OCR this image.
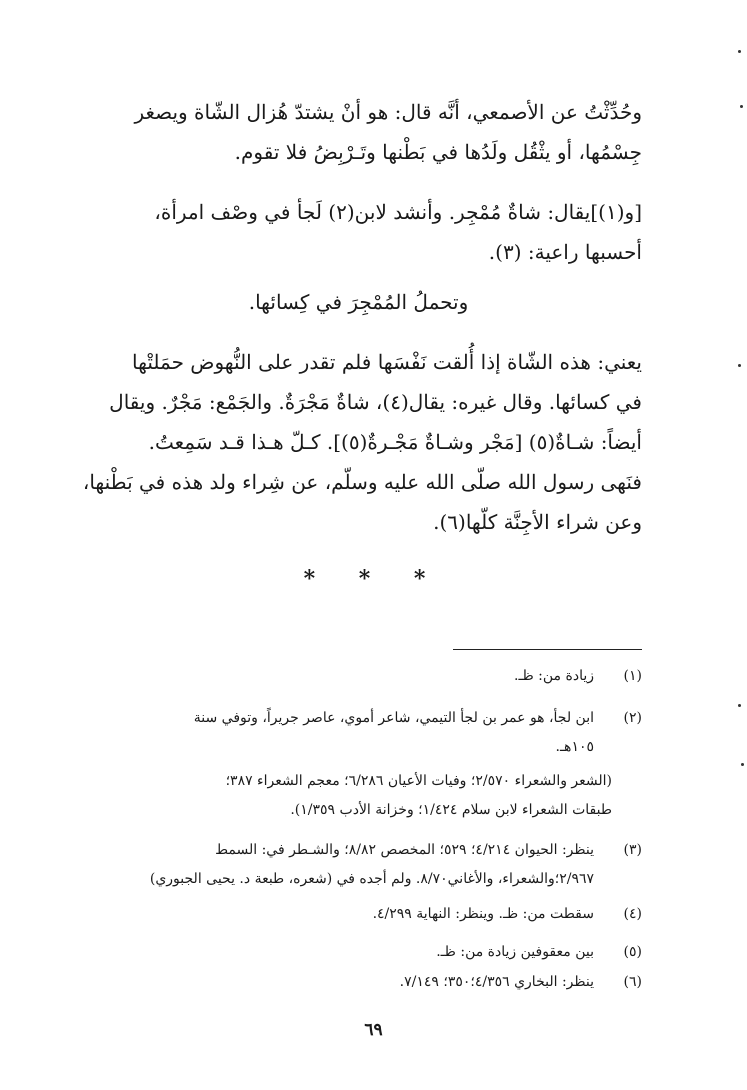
وحُدِّثْتُ عن الأصمعي، أنَّه قال: هو أنْ يشتدّ هُزال الشّاة ويصغر
جِسْمُها، أو يثْقُل ولَدُها في بَطْنها وتَـرْبِضُ فلا تقوم.
[و(١)]يقال: شاةٌ مُمْجِر. وأنشد لابن(٢) لَجأ في وصْف امرأة،
أحسبها راعية: (٣).
وتحملُ المُمْجِرَ في كِسائها.
يعني: هذه الشّاة إذا أُلقت نَفْسَها فلم تقدر على النُّهوض حمَلتْها
في كسائها. وقال غيره: يقال(٤)، شاةٌ مَجْرَةٌ. والجَمْع: مَجْرٌ. ويقال
أيضاً: شـاةٌ(٥) [مَجْر وشـاةٌ مَجْـرةٌ(٥)]. كـلّ هـذا قـد سَمِعتُ.
فنَهى رسول الله صلّى الله عليه وسلّم، عن شِراء ولد هذه في بَطْنها،
وعن شراء الأجِنَّة كلّها(٦).
* * *
(١)
زيادة من: ظـ.
(٢)
ابن لجأ، هو عمر بن لجأ التيمي، شاعر أموي، عاصر جريراً، وتوفي سنة
١٠٥هـ.
(الشعر والشعراء ٢/٥٧٠؛ وفيات الأعيان ٦/٢٨٦؛ معجم الشعراء ٣٨٧؛
طبقات الشعراء لابن سلام ١/٤٢٤؛ وخزانة الأدب ١/٣٥٩).
(٣)
ينظر: الحيوان ٤/٢١٤؛ ٥٢٩؛ المخصص ٨/٨٢؛ والشـطر في: السمط
٢/٩٦٧؛والشعراء، والأغاني٨/٧٠. ولم أجده في (شعره، طبعة د. يحيى الجبوري)
(٤)
سقطت من: ظـ. وينظر: النهاية ٤/٢٩٩.
(٥)
بين معقوفين زيادة من: ظـ.
(٦)
ينظر: البخاري ٤/٣٥٦؛٣٥٠؛ ٧/١٤٩.
٦٩
